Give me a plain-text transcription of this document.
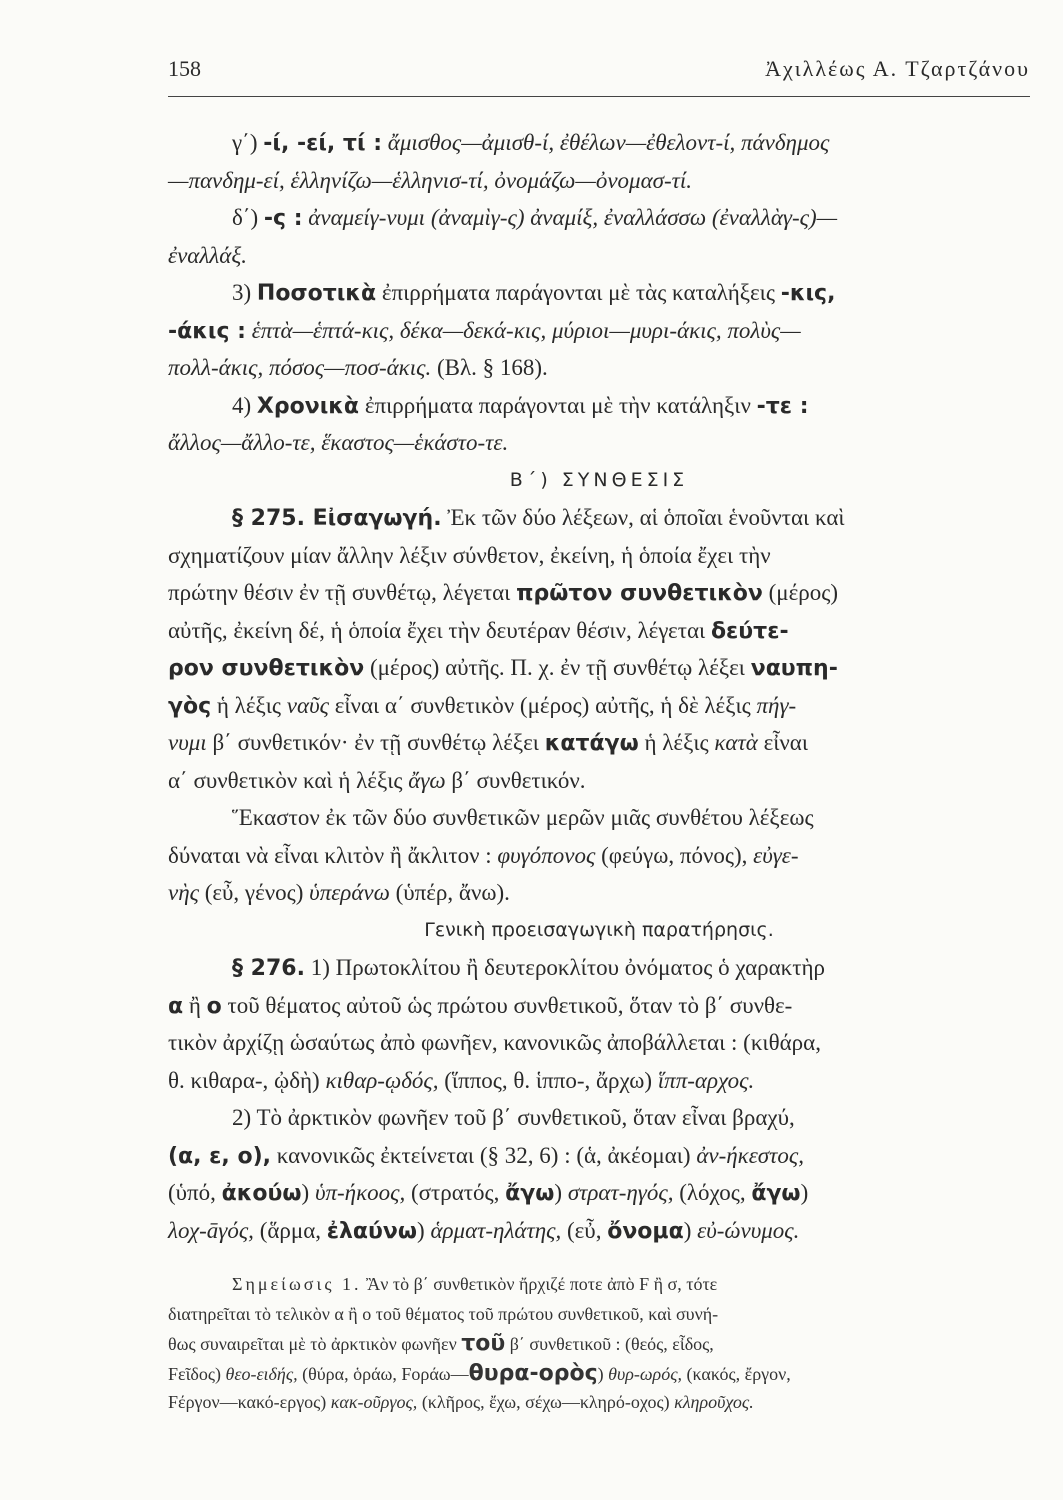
158	Ἀχιλλέως Α. Τζαρτζάνου
γ΄) -ί, -εί, τί : ἄμισθος—ἀμισθ-ί, ἐθέλων—ἐθελοντ-ί, πάνδημος
—πανδημ-εί, ἑλληνίζω—ἑλληνισ-τί, ὀνομάζω—ὀνομασ-τί.
δ΄) -ς : ἀναμείγ-νυμι (ἀναμὶγ-ς) ἀναμίξ, ἐναλλάσσω (ἐναλλὰγ-ς)—
ἐναλλάξ.
3) Ποσοτικὰ ἐπιρρήματα παράγονται μὲ τὰς καταλήξεις -κις,
-άκις : ἑπτὰ—ἑπτά-κις, δέκα—δεκά-κις, μύριοι—μυρι-άκις, πολὺς—
πολλ-άκις, πόσος—ποσ-άκις. (Βλ. § 168).
4) Χρονικὰ ἐπιρρήματα παράγονται μὲ τὴν κατάληξιν -τε :
ἄλλος—ἄλλο-τε, ἕκαστος—ἑκάστο-τε.
Β΄) ΣΥΝΘΕΣΙΣ
§ 275. Εἰσαγωγή. Ἐκ τῶν δύο λέξεων, αἱ ὁποῖαι ἑνοῦνται καὶ
σχηματίζουν μίαν ἄλλην λέξιν σύνθετον, ἐκείνη, ἡ ὁποία ἔχει τὴν
πρώτην θέσιν ἐν τῇ συνθέτῳ, λέγεται πρῶτον συνθετικὸν (μέρος)
αὐτῆς, ἐκείνη δέ, ἡ ὁποία ἔχει τὴν δευτέραν θέσιν, λέγεται δεύτε-
ρον συνθετικὸν (μέρος) αὐτῆς. Π. χ. ἐν τῇ συνθέτῳ λέξει ναυπη-
γὸς ἡ λέξις ναῦς εἶναι α΄ συνθετικὸν (μέρος) αὐτῆς, ἡ δὲ λέξις πήγ-
νυμι β΄ συνθετικόν· ἐν τῇ συνθέτῳ λέξει κατάγω ἡ λέξις κατὰ εἶναι
α΄ συνθετικὸν καὶ ἡ λέξις ἄγω β΄ συνθετικόν.
Ἕκαστον ἐκ τῶν δύο συνθετικῶν μερῶν μιᾶς συνθέτου λέξεως
δύναται νὰ εἶναι κλιτὸν ἢ ἄκλιτον : φυγόπονος (φεύγω, πόνος), εὐγε-
νὴς (εὖ, γένος) ὑπεράνω (ὑπέρ, ἄνω).
Γενικὴ προεισαγωγικὴ παρατήρησις.
§ 276. 1) Πρωτοκλίτου ἢ δευτεροκλίτου ὀνόματος ὁ χαρακτὴρ
α ἢ ο τοῦ θέματος αὐτοῦ ὡς πρώτου συνθετικοῦ, ὅταν τὸ β΄ συνθε-
τικὸν ἀρχίζῃ ὡσαύτως ἀπὸ φωνῆεν, κανονικῶς ἀποβάλλεται : (κιθάρα,
θ. κιθαρα-, ᾠδὴ) κιθαρ-ῳδός, (ἵππος, θ. ἱππο-, ἄρχω) ἵππ-αρχος.
2) Τὸ ἀρκτικὸν φωνῆεν τοῦ β΄ συνθετικοῦ, ὅταν εἶναι βραχύ,
(α, ε, ο), κανονικῶς ἐκτείνεται (§ 32, 6) : (ἁ, ἀκέομαι) ἀν-ήκεστος,
(ὑπό, ἀκούω) ὑπ-ήκοος, (στρατός, ἄγω) στρατ-ηγός, (λόχος, ἄγω)
λοχ-āγός, (ἅρμα, ἐλαύνω) ἁρματ-ηλάτης, (εὖ, ὄνομα) εὐ-ώνυμος.
Σημείωσις 1. Ἂν τὸ β΄ συνθετικὸν ἤρχιζέ ποτε ἀπὸ F ἢ σ, τότε
διατηρεῖται τὸ τελικὸν α ἢ ο τοῦ θέματος τοῦ πρώτου συνθετικοῦ, καὶ συνή-
θως συναιρεῖται μὲ τὸ ἀρκτικὸν φωνῆεν τοῦ β΄ συνθετικοῦ : (θεός, εἶδος,
Fεῖδος) θεο-ειδής, (θύρα, ὁράω, Fοράω—θυρα-ορὸς) θυρ-ωρός, (κακός, ἔργον,
Fέργον—κακό-εργος) κακ-οῦργος, (κλῆρος, ἔχω, σέχω—κληρό-οχος) κληροῦχος.
